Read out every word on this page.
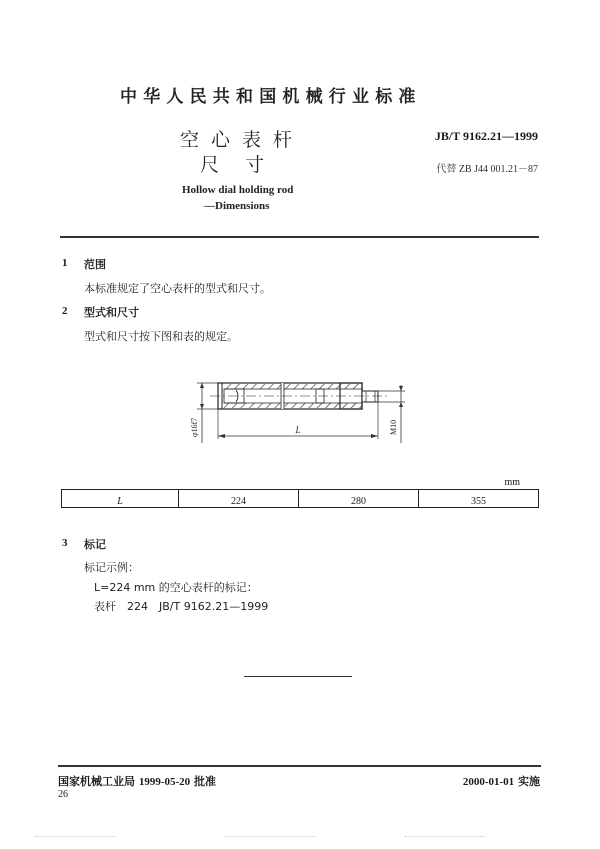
中华人民共和国机械行业标准
空心表杆
尺寸
Hollow dial holding rod
—Dimensions
JB/T 9162.21—1999
代替 ZB J44 001.21－87
1 范围
本标准规定了空心表杆的型式和尺寸。
2 型式和尺寸
型式和尺寸按下图和表的规定。
L
φ16f7	M10
mm
L	224	280	355
3 标记
标记示例：
L=224 mm 的空心表杆的标记：
表杆　224　JB/T 9162.21—1999
国家机械工业局 1999-05-20 批准	2000-01-01 实施
26
